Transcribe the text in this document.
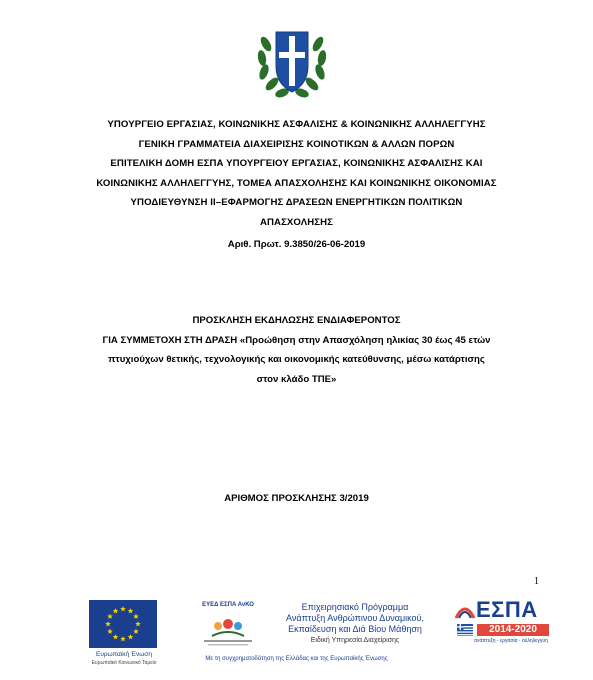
ΥΠΟΥΡΓΕΙΟ ΕΡΓΑΣΙΑΣ, ΚΟΙΝΩΝΙΚΗΣ ΑΣΦΑΛΙΣΗΣ & ΚΟΙΝΩΝΙΚΗΣ ΑΛΛΗΛΕΓΓΥΗΣ
ΓΕΝΙΚΗ ΓΡΑΜΜΑΤΕΙΑ ΔΙΑΧΕΙΡΙΣΗΣ ΚΟΙΝΟΤΙΚΩΝ & ΑΛΛΩΝ ΠΟΡΩΝ
ΕΠΙΤΕΛΙΚΗ ΔΟΜΗ ΕΣΠΑ ΥΠΟΥΡΓΕΙΟΥ ΕΡΓΑΣΙΑΣ, ΚΟΙΝΩΝΙΚΗΣ ΑΣΦΑΛΙΣΗΣ ΚΑΙ
ΚΟΙΝΩΝΙΚΗΣ ΑΛΛΗΛΕΓΓΥΗΣ, ΤΟΜΕΑ ΑΠΑΣΧΟΛΗΣΗΣ ΚΑΙ ΚΟΙΝΩΝΙΚΗΣ ΟΙΚΟΝΟΜΙΑΣ
ΥΠΟΔΙΕΥΘΥΝΣΗ ΙΙ–ΕΦΑΡΜΟΓΗΣ ΔΡΑΣΕΩΝ ΕΝΕΡΓΗΤΙΚΩΝ ΠΟΛΙΤΙΚΩΝ
ΑΠΑΣΧΟΛΗΣΗΣ
Αριθ. Πρωτ. 9.3850/26-06-2019
ΠΡΟΣΚΛΗΣΗ ΕΚΔΗΛΩΣΗΣ ΕΝΔΙΑΦΕΡΟΝΤΟΣ
ΓΙΑ ΣΥΜΜΕΤΟΧΗ ΣΤΗ ΔΡΑΣΗ «Προώθηση στην Απασχόληση ηλικίας 30 έως 45 ετών
πτυχιούχων θετικής, τεχνολογικής και οικονομικής κατεύθυνσης, μέσω κατάρτισης
στον κλάδο ΤΠΕ»
ΑΡΙΘΜΟΣ ΠΡΟΣΚΛΗΣΗΣ 3/2019
1
Ευρωπαϊκή Ένωση
Ευρωπαϊκό Κοινωνικό Ταμείο
ΕΥΕΔ ΕΣΠΑ ΑνΚΟ	Επιχειρησιακό Πρόγραμμα
Ανάπτυξη Ανθρώπινου Δυναμικού,
Εκπαίδευση και Διά Βίου Μάθηση
Ειδική Υπηρεσία Διαχείρισης
ΕΣΠΑ
2014-2020
ανάπτυξη - εργασία - αλληλεγγύη
Με τη συγχρηματοδότηση της Ελλάδας και της Ευρωπαϊκής Ένωσης
